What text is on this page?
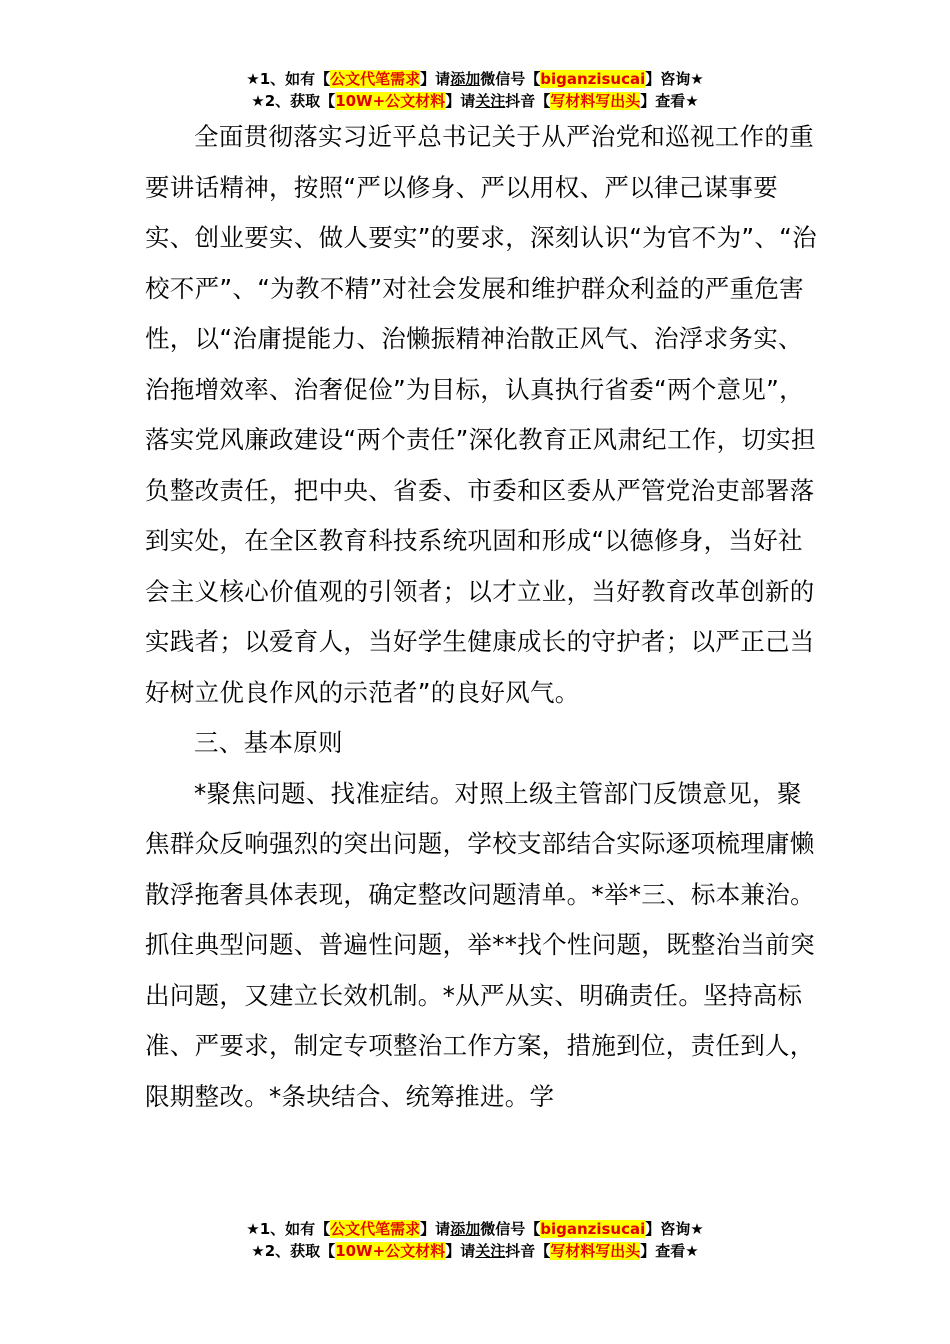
★1、如有【公文代笔需求】请添加微信号【biganzisucai】咨询★
★2、获取【10W+公文材料】请关注抖音【写材料写出头】查看★

全面贯彻落实习近平总书记关于从严治党和巡视工作的重要讲话精神，按照“严以修身、严以用权、严以律己谋事要实、创业要实、做人要实”的要求，深刻认识“为官不为”、“治校不严”、“为教不精”对社会发展和维护群众利益的严重危害性，以“治庸提能力、治懒振精神治散正风气、治浮求务实、治拖增效率、治奢促俭”为目标，认真执行省委“两个意见”，落实党风廉政建设“两个责任”深化教育正风肃纪工作，切实担负整改责任，把中央、省委、市委和区委从严管党治吏部署落到实处，在全区教育科技系统巩固和形成“以德修身，当好社会主义核心价值观的引领者；以才立业，当好教育改革创新的实践者；以爱育人，当好学生健康成长的守护者；以严正己当好树立优良作风的示范者”的良好风气。

三、基本原则

*聚焦问题、找准症结。对照上级主管部门反馈意见，聚焦群众反响强烈的突出问题，学校支部结合实际逐项梳理庸懒散浮拖奢具体表现，确定整改问题清单。*举*三、标本兼治。抓住典型问题、普遍性问题，举**找个性问题，既整治当前突出问题，又建立长效机制。*从严从实、明确责任。坚持高标准、严要求，制定专项整治工作方案，措施到位，责任到人，限期整改。*条块结合、统筹推进。学

★1、如有【公文代笔需求】请添加微信号【biganzisucai】咨询★
★2、获取【10W+公文材料】请关注抖音【写材料写出头】查看★
